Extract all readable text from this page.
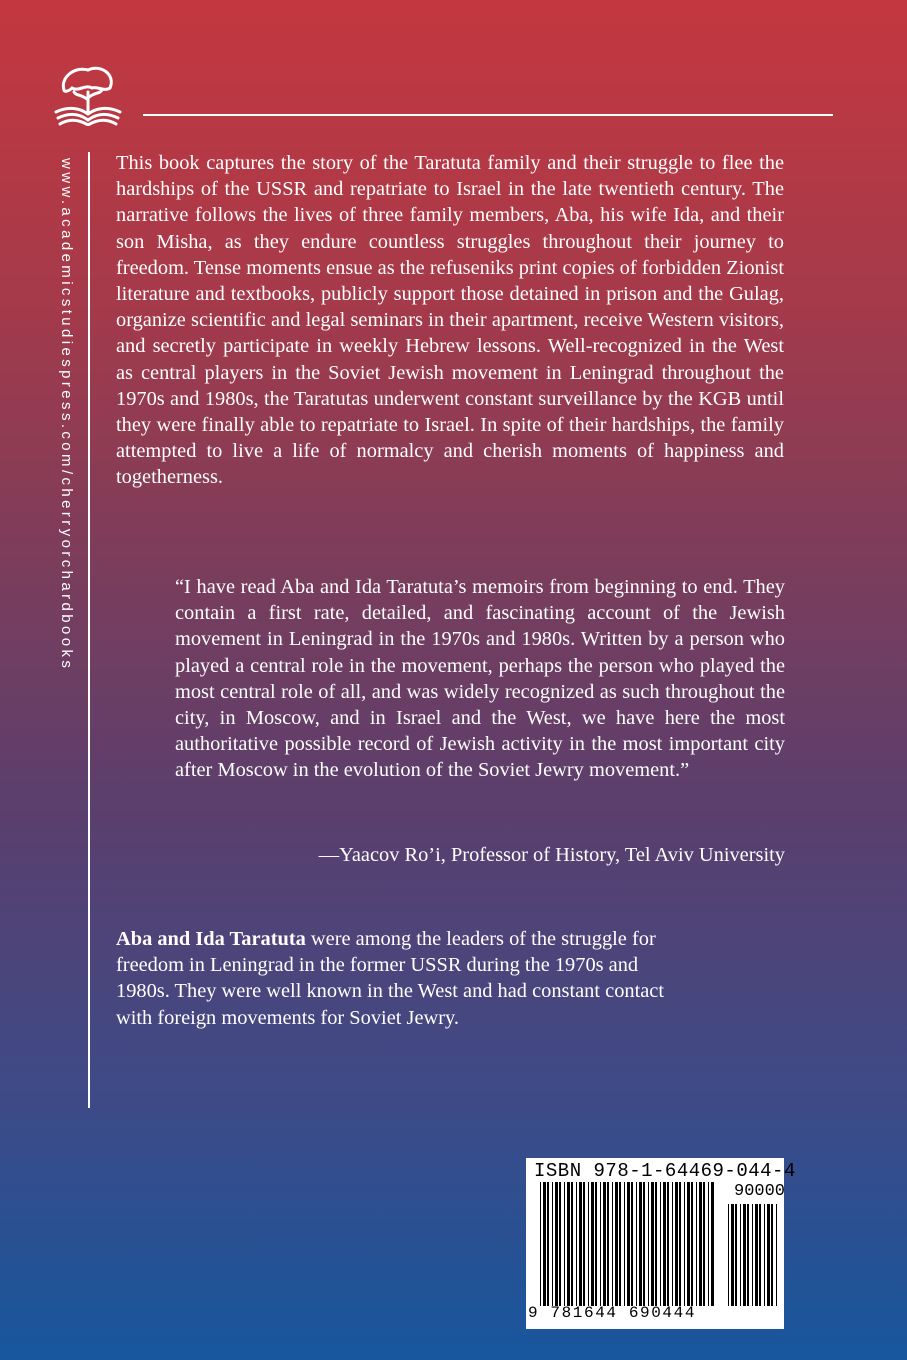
www.academicstudiespress.com/cherryorchardbooks This book captures the story of the Taratuta family and their struggle to flee the hardships of the USSR and repatriate to Israel in the late twentieth century. The narrative follows the lives of three family members, Aba, his wife Ida, and their son Misha, as they endure countless struggles throughout their journey to freedom. Tense moments ensue as the refuseniks print copies of forbidden Zionist literature and textbooks, publicly support those detained in prison and the Gulag, organize scientific and legal seminars in their apartment, receive Western visitors, and secretly participate in weekly Hebrew lessons. Well-recognized in the West as central players in the Soviet Jewish movement in Leningrad throughout the 1970s and 1980s, the Taratutas underwent constant surveillance by the KGB until they were finally able to repatriate to Israel. In spite of their hardships, the family attempted to live a life of normalcy and cherish moments of happiness and togetherness.

“I have read Aba and Ida Taratuta’s memoirs from beginning to end. They contain a first rate, detailed, and fascinating account of the Jewish movement in Leningrad in the 1970s and 1980s. Written by a person who played a central role in the movement, perhaps the person who played the most central role of all, and was widely recognized as such throughout the city, in Moscow, and in Israel and the West, we have here the most authoritative possible record of Jewish activity in the most important city after Moscow in the evolution of the Soviet Jewry movement.”

—Yaacov Ro’i, Professor of History, Tel Aviv University

Aba and Ida Taratuta were among the leaders of the struggle for freedom in Leningrad in the former USSR during the 1970s and 1980s. They were well known in the West and had constant contact with foreign movements for Soviet Jewry.

ISBN 978-1-64469-044-4
90000
9 781644 690444
